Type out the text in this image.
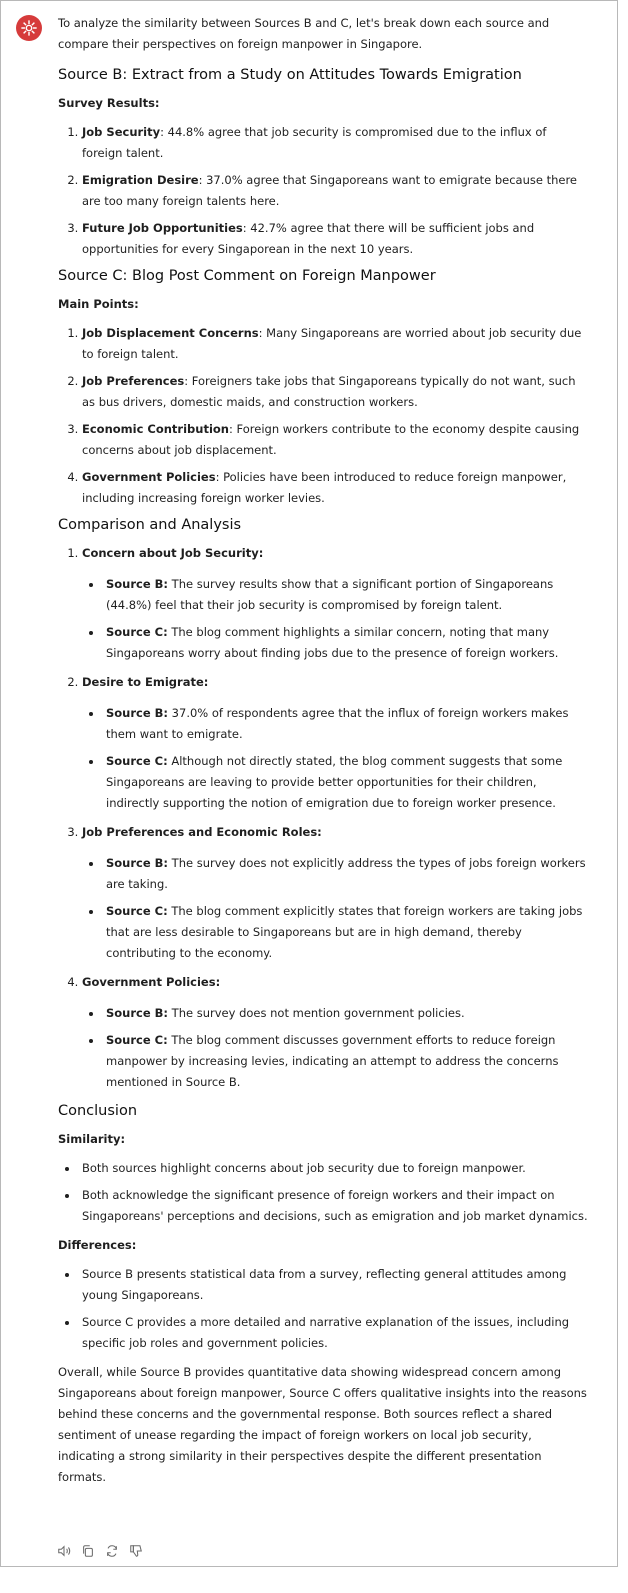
To analyze the similarity between Sources B and C, let's break down each source and compare their perspectives on foreign manpower in Singapore.

Source B: Extract from a Study on Attitudes Towards Emigration

Survey Results:

1. Job Security: 44.8% agree that job security is compromised due to the influx of foreign talent.
2. Emigration Desire: 37.0% agree that Singaporeans want to emigrate because there are too many foreign talents here.
3. Future Job Opportunities: 42.7% agree that there will be sufficient jobs and opportunities for every Singaporean in the next 10 years.
Source C: Blog Post Comment on Foreign Manpower

Main Points:

1. Job Displacement Concerns: Many Singaporeans are worried about job security due to foreign talent.
2. Job Preferences: Foreigners take jobs that Singaporeans typically do not want, such as bus drivers, domestic maids, and construction workers.
3. Economic Contribution: Foreign workers contribute to the economy despite causing concerns about job displacement.
4. Government Policies: Policies have been introduced to reduce foreign manpower, including increasing foreign worker levies.
Comparison and Analysis
1. Concern about Job Security:
Source B: The survey results show that a significant portion of Singaporeans (44.8%) feel that their job security is compromised by foreign talent.
Source C: The blog comment highlights a similar concern, noting that many Singaporeans worry about finding jobs due to the presence of foreign workers.
2. Desire to Emigrate:
Source B: 37.0% of respondents agree that the influx of foreign workers makes them want to emigrate.
Source C: Although not directly stated, the blog comment suggests that some Singaporeans are leaving to provide better opportunities for their children, indirectly supporting the notion of emigration due to foreign worker presence.
3. Job Preferences and Economic Roles:
Source B: The survey does not explicitly address the types of jobs foreign workers are taking.
Source C: The blog comment explicitly states that foreign workers are taking jobs that are less desirable to Singaporeans but are in high demand, thereby contributing to the economy.
4. Government Policies:
Source B: The survey does not mention government policies.
Source C: The blog comment discusses government efforts to reduce foreign manpower by increasing levies, indicating an attempt to address the concerns mentioned in Source B.
Conclusion

Similarity:

Both sources highlight concerns about job security due to foreign manpower.
Both acknowledge the significant presence of foreign workers and their impact on Singaporeans' perceptions and decisions, such as emigration and job market dynamics.

Differences:

Source B presents statistical data from a survey, reflecting general attitudes among young Singaporeans.
Source C provides a more detailed and narrative explanation of the issues, including specific job roles and government policies.

Overall, while Source B provides quantitative data showing widespread concern among Singaporeans about foreign manpower, Source C offers qualitative insights into the reasons behind these concerns and the governmental response. Both sources reflect a shared sentiment of unease regarding the impact of foreign workers on local job security, indicating a strong similarity in their perspectives despite the different presentation formats.
